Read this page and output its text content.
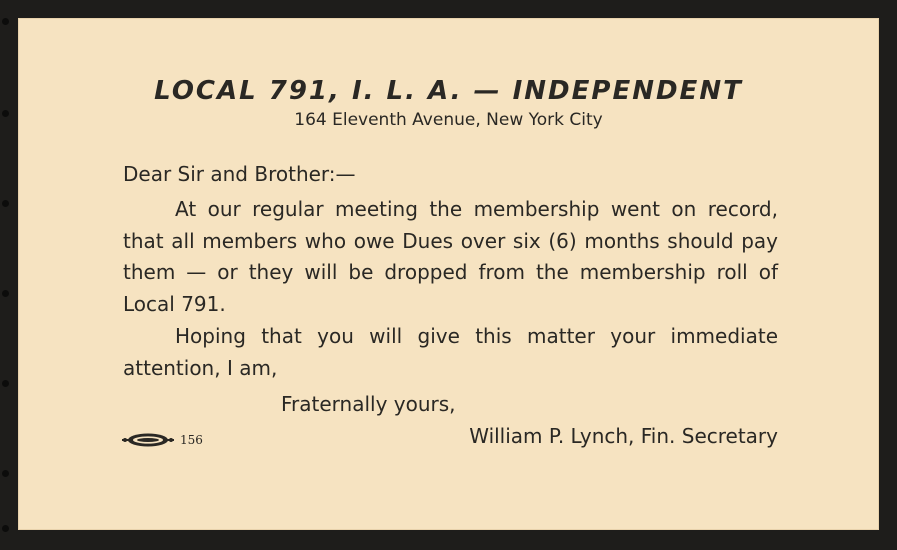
LOCAL 791, I. L. A. — INDEPENDENT
164 Eleventh Avenue, New York City
Dear Sir and Brother:—
At our regular meeting the membership went on record, that all members who owe Dues over six (6) months should pay them — or they will be dropped from the membership roll of Local 791.
Hoping that you will give this matter your immediate attention, I am,
Fraternally yours,
William P. Lynch, Fin. Secretary
156
